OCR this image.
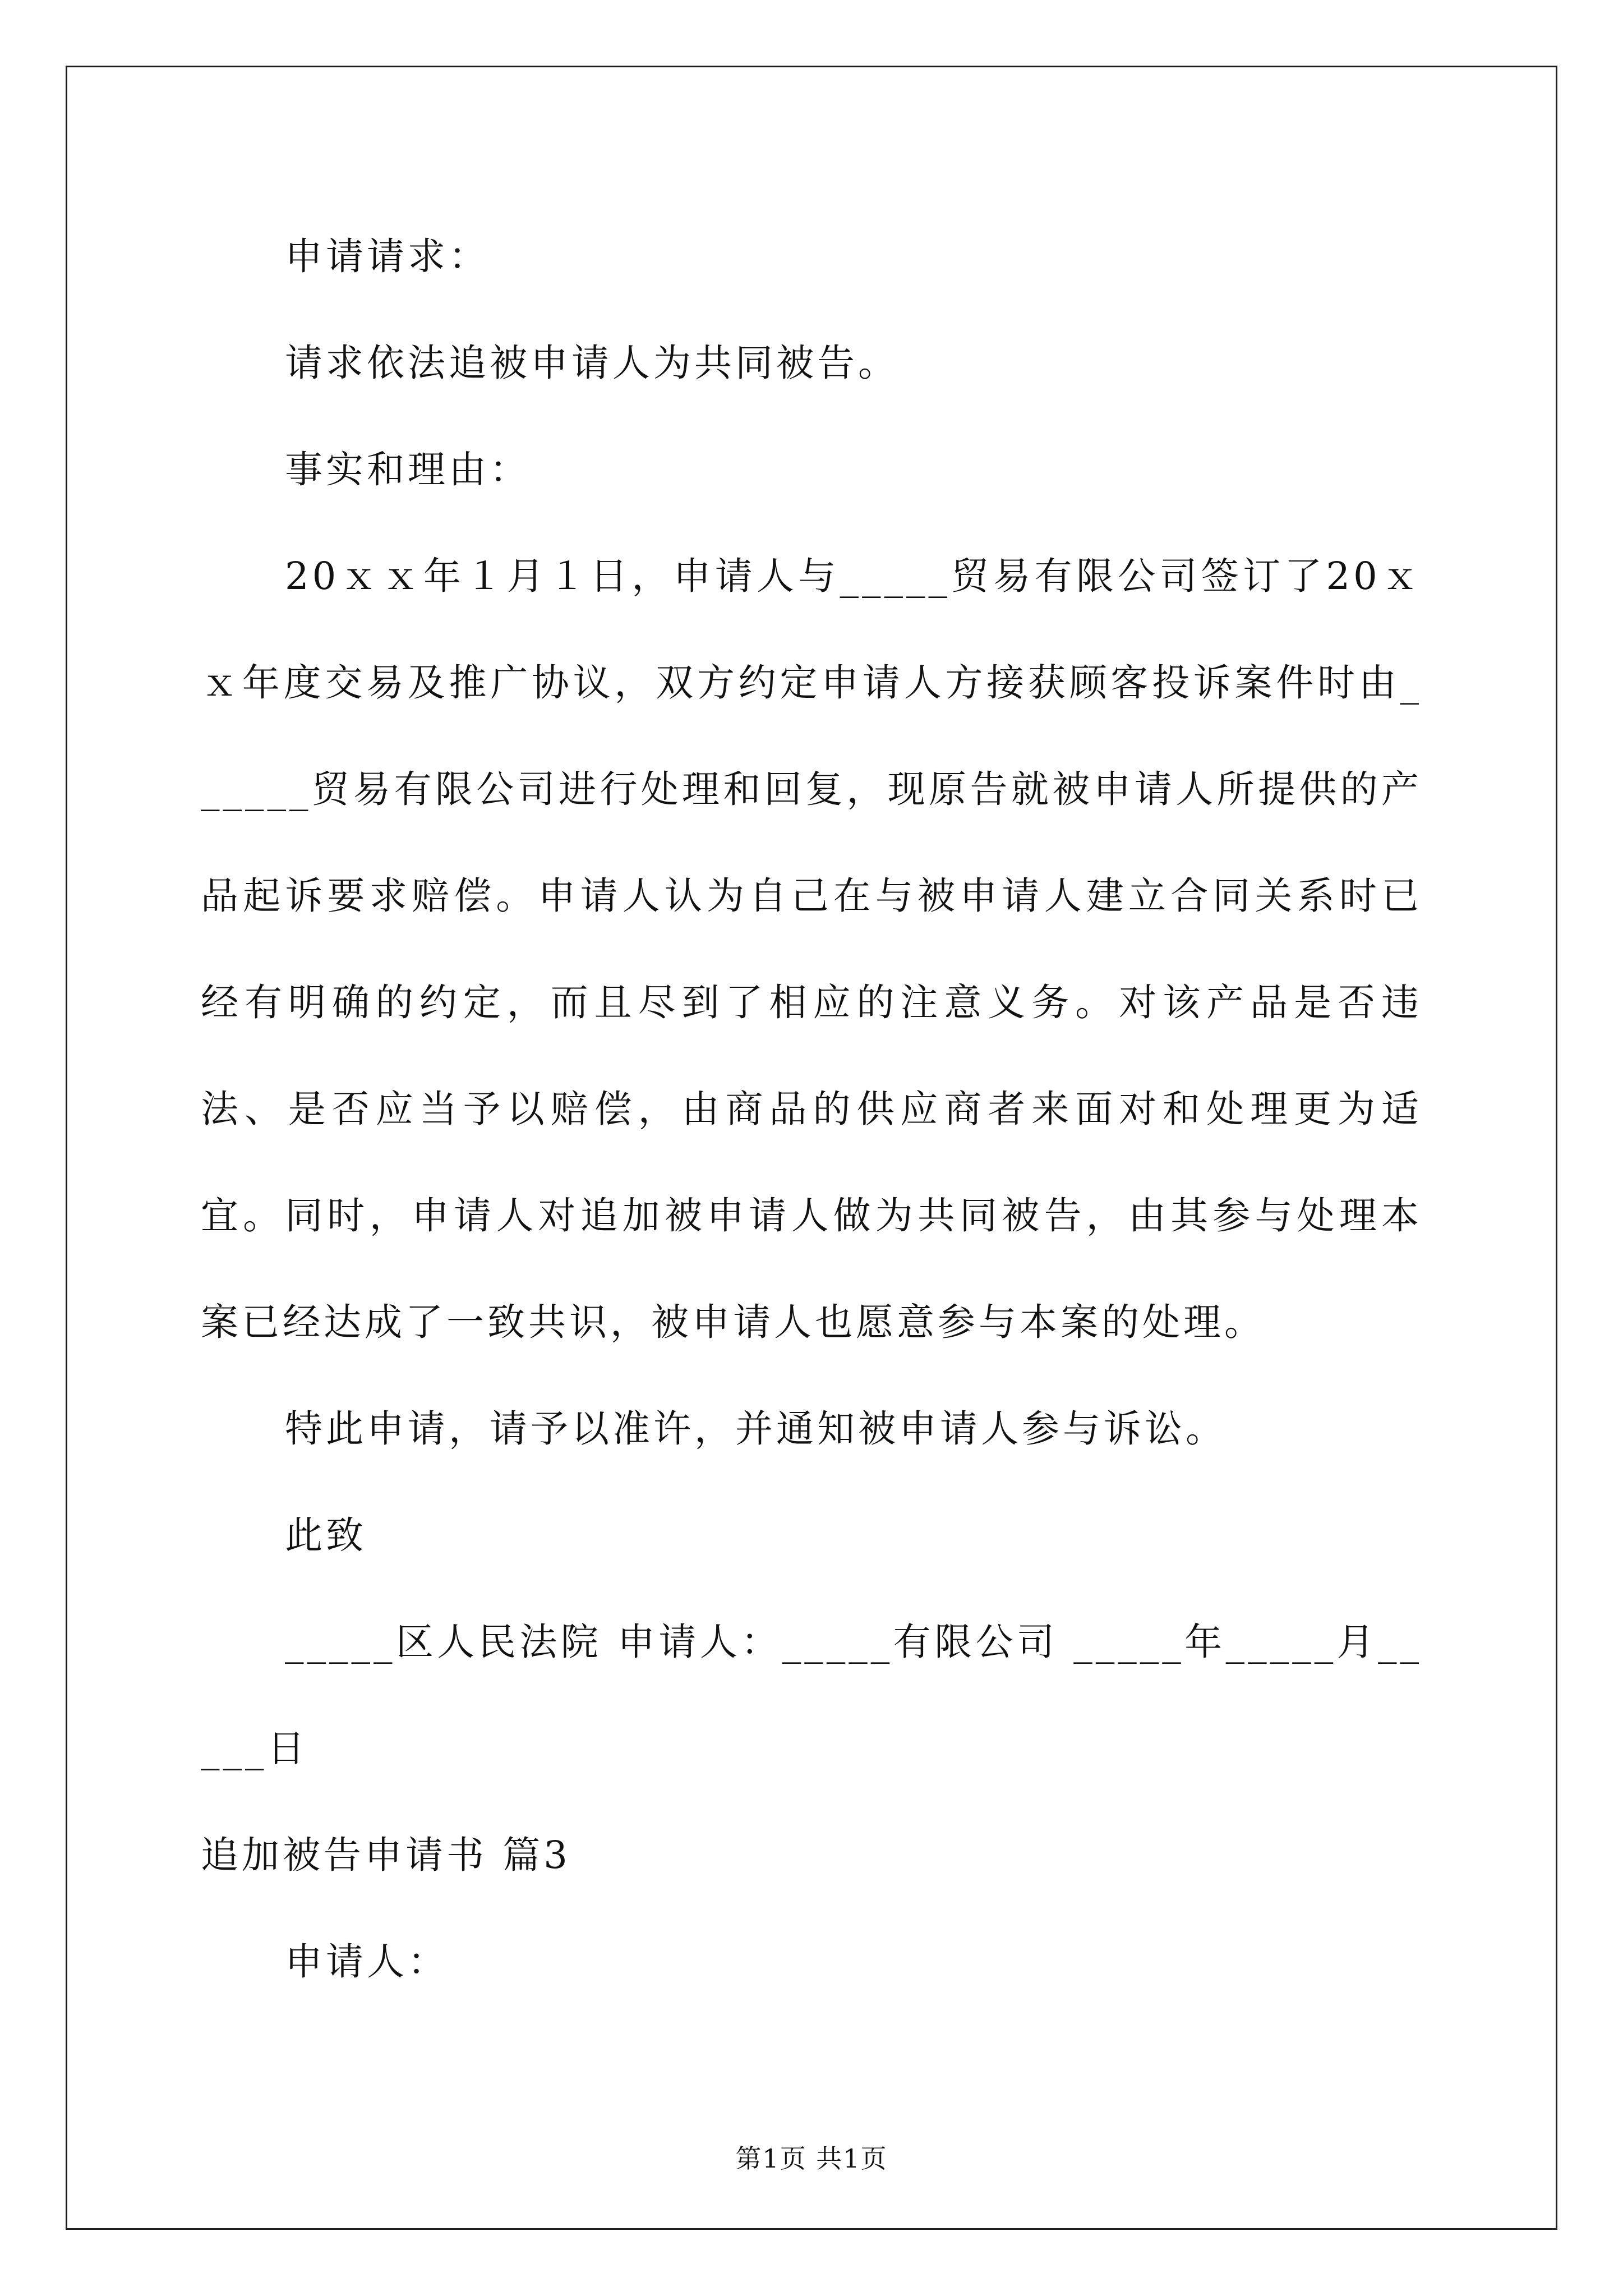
申请请求：

请求依法追被申请人为共同被告。

事实和理由：

20ｘｘ年１月１日，申请人与_____贸易有限公司签订了20ｘｘ年度交易及推广协议，双方约定申请人方接获顾客投诉案件时由______贸易有限公司进行处理和回复，现原告就被申请人所提供的产品起诉要求赔偿。申请人认为自己在与被申请人建立合同关系时已经有明确的约定，而且尽到了相应的注意义务。对该产品是否违法、是否应当予以赔偿，由商品的供应商者来面对和处理更为适宜。同时，申请人对追加被申请人做为共同被告，由其参与处理本案已经达成了一致共识，被申请人也愿意参与本案的处理。

特此申请，请予以准许，并通知被申请人参与诉讼。

此致

_____区人民法院 申请人：_____有限公司 _____年_____月_____日

追加被告申请书 篇3

申请人：

第1页 共1页
